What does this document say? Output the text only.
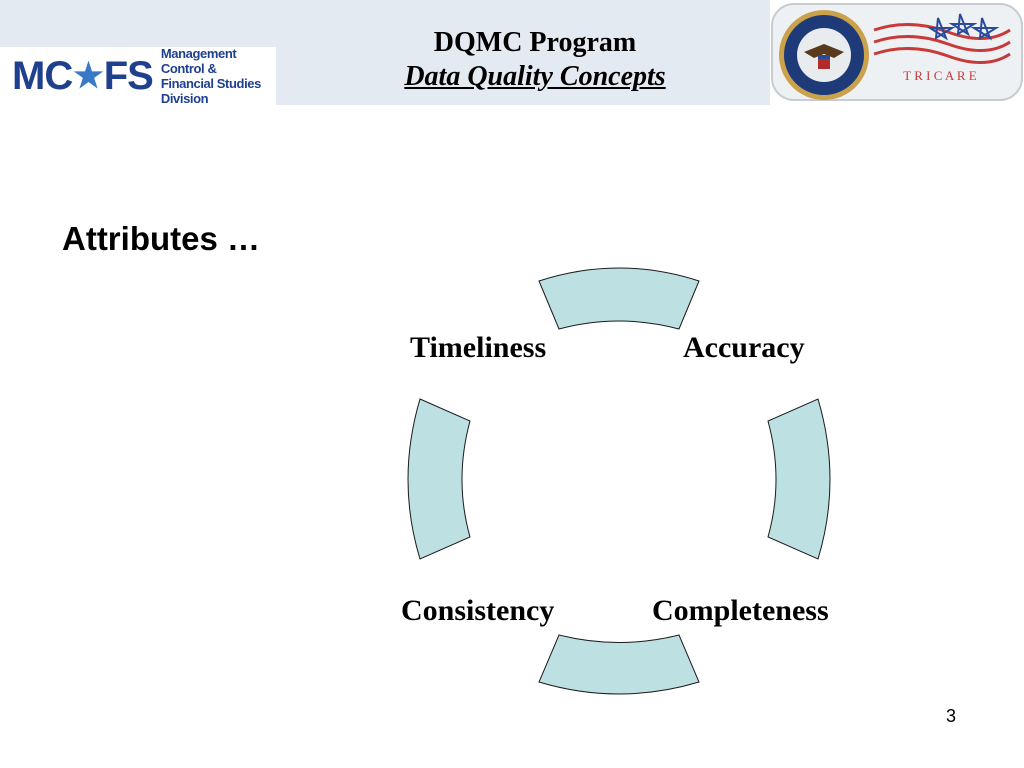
MC ★ FS
Management Control &
Financial Studies Division
DQMC Program
Data Quality Concepts	T R I C A R E
Attributes …
Timeliness	Accuracy
Consistency	Completeness
3
